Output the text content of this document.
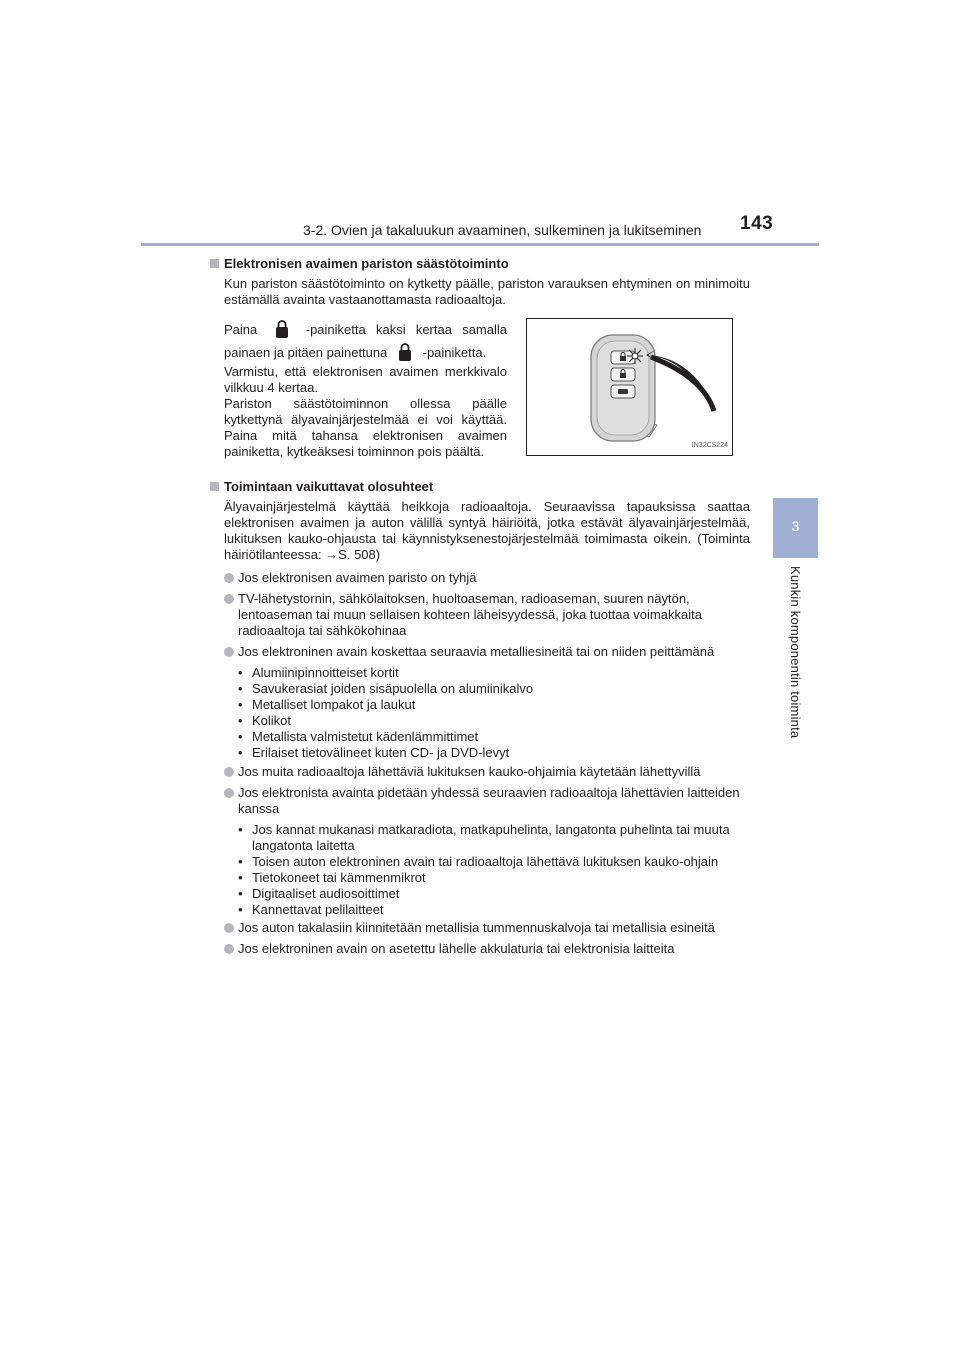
3-2. Ovien ja takaluukun avaaminen, sulkeminen ja lukitseminen 143
3
Kunkin komponentin toiminta
Elektronisen avaimen pariston säästötoiminto
Kun pariston säästötoiminto on kytketty päälle, pariston varauksen ehtyminen on minimoitu estämällä avainta vastaanottamasta radioaaltoja.
Paina	-painiketta kaksi kertaa samalla painaen ja pitäen painettuna	-painiketta.
Varmistu, että elektronisen avaimen merkkivalo vilkkuu 4 kertaa.
Pariston säästötoiminnon ollessa päälle kytkettynä älyavainjärjestelmää ei voi käyttää. Paina mitä tahansa elektronisen avaimen painiketta, kytkeäksesi toiminnon pois päältä.	IN32CS224
Toimintaan vaikuttavat olosuhteet
Älyavainjärjestelmä käyttää heikkoja radioaaltoja. Seuraavissa tapauksissa saattaa elektronisen avaimen ja auton välillä syntyä häiriöitä, jotka estävät älyavainjärjestelmää, lukituksen kauko-ohjausta tai käynnistyksenestojärjestelmää toimimasta oikein. (Toiminta häiriötilanteessa: →S. 508)
Jos elektronisen avaimen paristo on tyhjä
TV-lähetystornin, sähkölaitoksen, huoltoaseman, radioaseman, suuren näytön, lentoaseman tai muun sellaisen kohteen läheisyydessä, joka tuottaa voimakkaita radioaaltoja tai sähkökohinaa
Jos elektroninen avain koskettaa seuraavia metalliesineitä tai on niiden peittämänä
• Alumiinipinnoitteiset kortit
• Savukerasiat joiden sisäpuolella on alumiinikalvo
• Metalliset lompakot ja laukut
• Kolikot
• Metallista valmistetut kädenlämmittimet
• Erilaiset tietovälineet kuten CD- ja DVD-levyt
Jos muita radioaaltoja lähettäviä lukituksen kauko-ohjaimia käytetään lähettyvillä
Jos elektronista avainta pidetään yhdessä seuraavien radioaaltoja lähettävien laitteiden kanssa
• Jos kannat mukanasi matkaradiota, matkapuhelinta, langatonta puhelinta tai muuta langatonta laitetta
• Toisen auton elektroninen avain tai radioaaltoja lähettävä lukituksen kauko-ohjain
• Tietokoneet tai kämmenmikrot
• Digitaaliset audiosoittimet
• Kannettavat pelilaitteet
Jos auton takalasiin kiinnitetään metallisia tummennuskalvoja tai metallisia esineitä
Jos elektroninen avain on asetettu lähelle akkulaturia tai elektronisia laitteita
